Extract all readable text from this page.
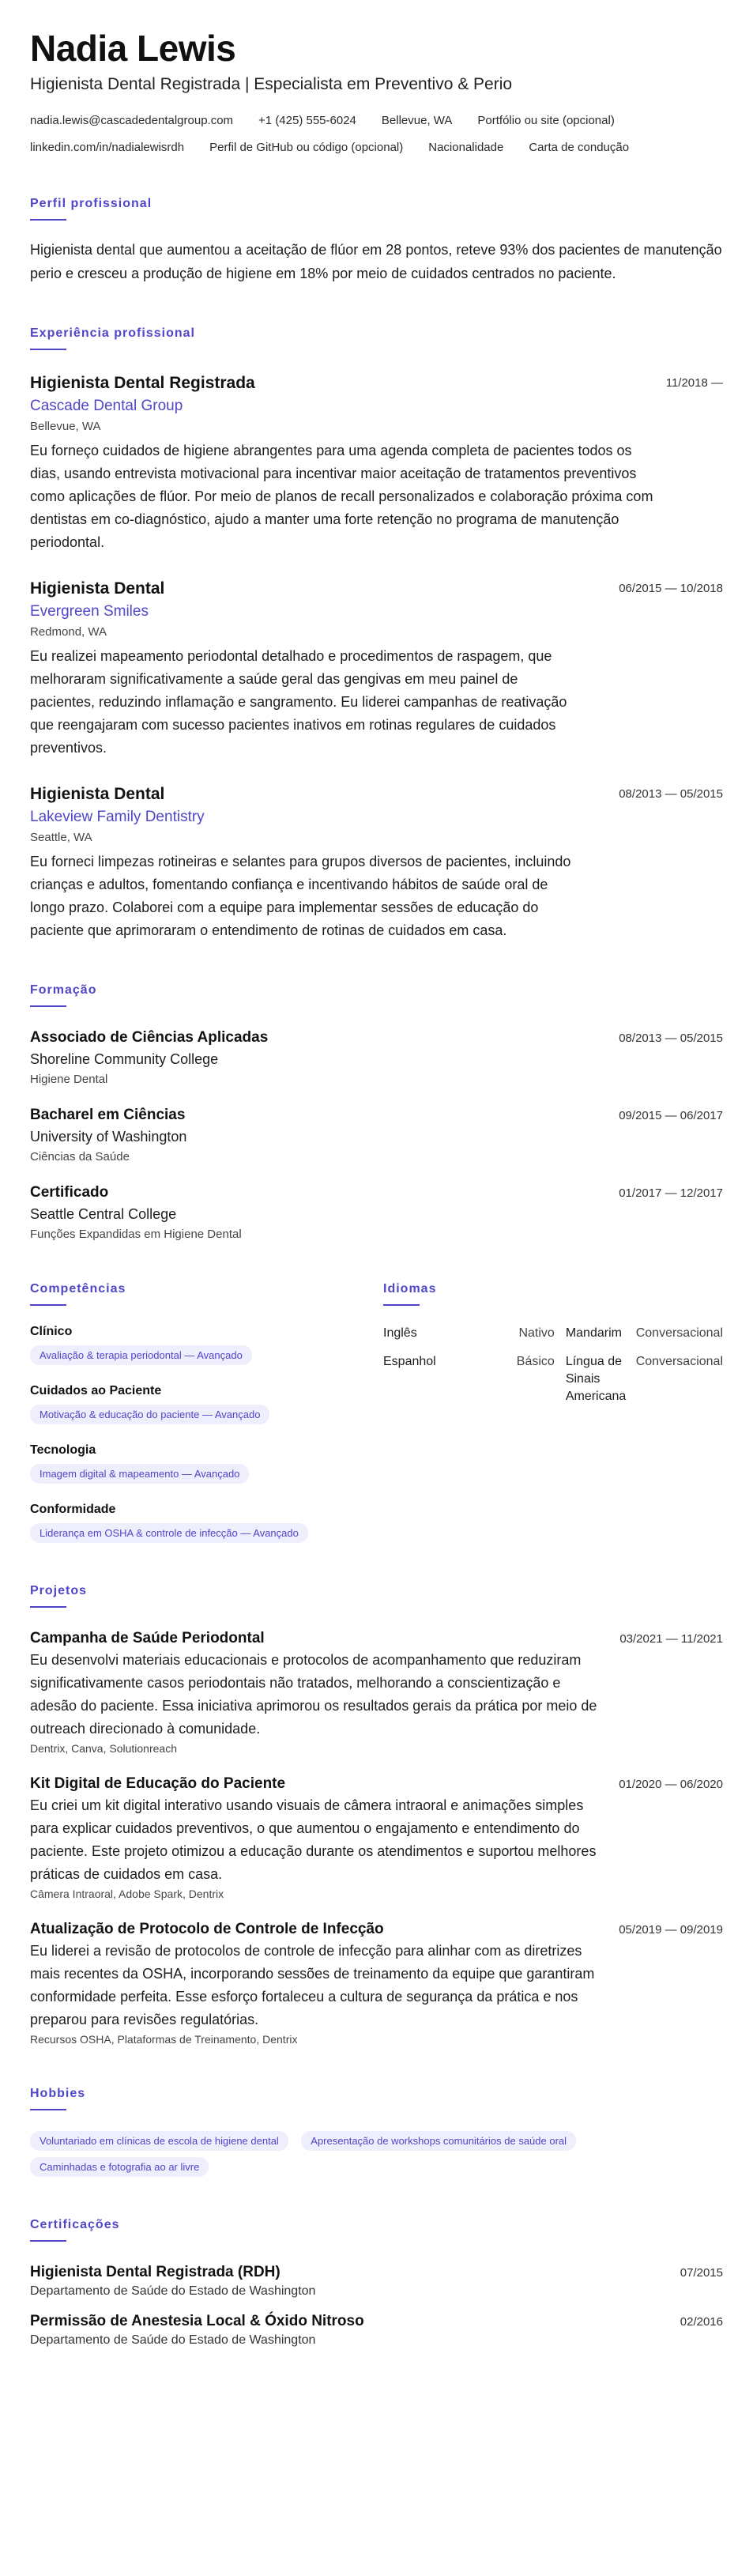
Nadia Lewis
Higienista Dental Registrada | Especialista em Preventivo & Perio
nadia.lewis@cascadedentalgroup.com +1 (425) 555-6024 Bellevue, WA Portfólio ou site (opcional)
linkedin.com/in/nadialewisrdh Perfil de GitHub ou código (opcional) Nacionalidade Carta de condução
Perfil profissional
Higienista dental que aumentou a aceitação de flúor em 28 pontos, reteve 93% dos pacientes de manutenção perio e cresceu a produção de higiene em 18% por meio de cuidados centrados no paciente.
Experiência profissional
Higienista Dental Registrada	11/2018 —
Cascade Dental Group
Bellevue, WA
Eu forneço cuidados de higiene abrangentes para uma agenda completa de pacientes todos os dias, usando entrevista motivacional para incentivar maior aceitação de tratamentos preventivos como aplicações de flúor. Por meio de planos de recall personalizados e colaboração próxima com dentistas em co-diagnóstico, ajudo a manter uma forte retenção no programa de manutenção periodontal.
Higienista Dental	06/2015 — 10/2018
Evergreen Smiles
Redmond, WA
Eu realizei mapeamento periodontal detalhado e procedimentos de raspagem, que melhoraram significativamente a saúde geral das gengivas em meu painel de pacientes, reduzindo inflamação e sangramento. Eu liderei campanhas de reativação que reengajaram com sucesso pacientes inativos em rotinas regulares de cuidados preventivos.
Higienista Dental	08/2013 — 05/2015
Lakeview Family Dentistry
Seattle, WA
Eu forneci limpezas rotineiras e selantes para grupos diversos de pacientes, incluindo crianças e adultos, fomentando confiança e incentivando hábitos de saúde oral de longo prazo. Colaborei com a equipe para implementar sessões de educação do paciente que aprimoraram o entendimento de rotinas de cuidados em casa.
Formação
Associado de Ciências Aplicadas	08/2013 — 05/2015
Shoreline Community College
Higiene Dental
Bacharel em Ciências	09/2015 — 06/2017
University of Washington
Ciências da Saúde
Certificado	01/2017 — 12/2017
Seattle Central College
Funções Expandidas em Higiene Dental
Competências
Clínico
Avaliação & terapia periodontal — Avançado
Cuidados ao Paciente
Motivação & educação do paciente — Avançado
Tecnologia
Imagem digital & mapeamento — Avançado
Conformidade
Liderança em OSHA & controle de infecção — Avançado
Idiomas
Inglês	Nativo	Mandarim	Conversacional
Espanhol	Básico	Língua de Sinais Americana	Conversacional
Projetos
Campanha de Saúde Periodontal	03/2021 — 11/2021
Eu desenvolvi materiais educacionais e protocolos de acompanhamento que reduziram significativamente casos periodontais não tratados, melhorando a conscientização e adesão do paciente. Essa iniciativa aprimorou os resultados gerais da prática por meio de outreach direcionado à comunidade.
Dentrix, Canva, Solutionreach
Kit Digital de Educação do Paciente	01/2020 — 06/2020
Eu criei um kit digital interativo usando visuais de câmera intraoral e animações simples para explicar cuidados preventivos, o que aumentou o engajamento e entendimento do paciente. Este projeto otimizou a educação durante os atendimentos e suportou melhores práticas de cuidados em casa.
Câmera Intraoral, Adobe Spark, Dentrix
Atualização de Protocolo de Controle de Infecção	05/2019 — 09/2019
Eu liderei a revisão de protocolos de controle de infecção para alinhar com as diretrizes mais recentes da OSHA, incorporando sessões de treinamento da equipe que garantiram conformidade perfeita. Esse esforço fortaleceu a cultura de segurança da prática e nos preparou para revisões regulatórias.
Recursos OSHA, Plataformas de Treinamento, Dentrix
Hobbies
Voluntariado em clínicas de escola de higiene dental	Apresentação de workshops comunitários de saúde oral Caminhadas e fotografia ao ar livre
Certificações
Higienista Dental Registrada (RDH)	07/2015
Departamento de Saúde do Estado de Washington
Permissão de Anestesia Local & Óxido Nitroso	02/2016
Departamento de Saúde do Estado de Washington
